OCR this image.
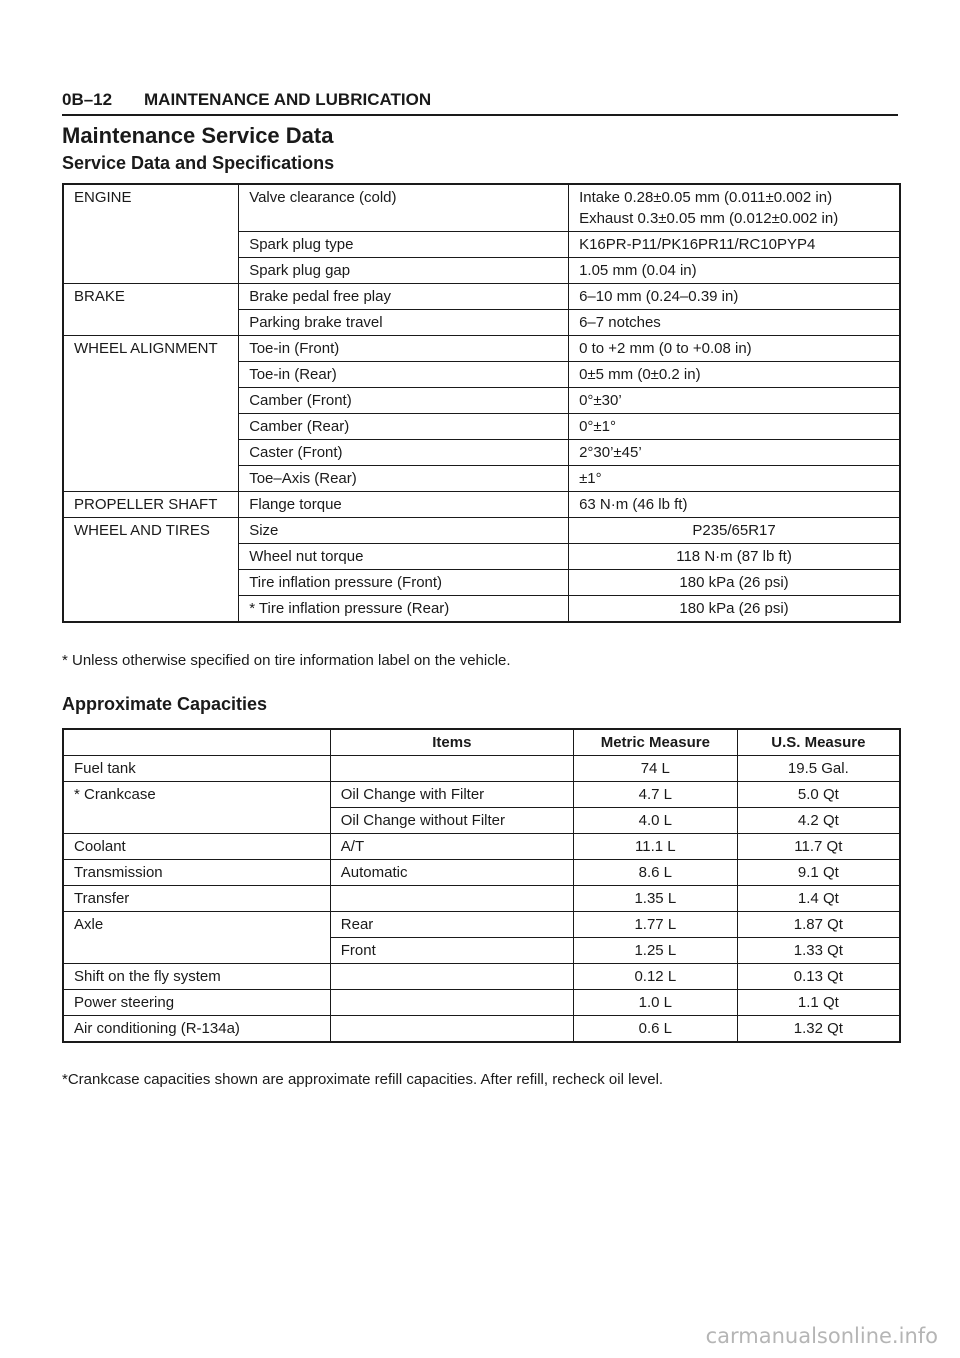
0B–12 MAINTENANCE AND LUBRICATION
Maintenance Service Data
Service Data and Specifications
ENGINE	Valve clearance (cold)	Intake 0.28±0.05 mm (0.011±0.002 in)
Exhaust 0.3±0.05 mm (0.012±0.002 in)

	Spark plug type	K16PR-P11/PK16PR11/RC10PYP4
	Spark plug gap	1.05 mm (0.04 in)
BRAKE	Brake pedal free play	6–10 mm (0.24–0.39 in)
	Parking brake travel	6–7 notches
WHEEL ALIGNMENT	Toe-in (Front)	0 to +2 mm (0 to +0.08 in)
	Toe-in (Rear)	0±5 mm (0±0.2 in)
	Camber (Front)	0°±30’
	Camber (Rear)	0°±1°
	Caster (Front)	2°30’±45’
	Toe–Axis (Rear)	±1°
PROPELLER SHAFT	Flange torque	63 N·m (46 lb ft)
WHEEL AND TIRES	Size	P235/65R17
	Wheel nut torque	118 N·m (87 lb ft)
	Tire inflation pressure (Front)	180 kPa (26 psi)
	* Tire inflation pressure (Rear)	180 kPa (26 psi)
* Unless otherwise specified on tire information label on the vehicle.
Approximate Capacities
	Items	Metric Measure	U.S. Measure
Fuel tank		74 L	19.5 Gal.
* Crankcase	Oil Change with Filter	4.7 L	5.0 Qt
	Oil Change without Filter	4.0 L	4.2 Qt
Coolant	A/T	11.1 L	11.7 Qt
Transmission	Automatic	8.6 L	9.1 Qt
Transfer		1.35 L	1.4 Qt
Axle	Rear	1.77 L	1.87 Qt
	Front	1.25 L	1.33 Qt
Shift on the fly system		0.12 L	0.13 Qt
Power steering		1.0 L	1.1 Qt
Air conditioning (R-134a)		0.6 L	1.32 Qt
*Crankcase capacities shown are approximate refill capacities. After refill, recheck oil level.
carmanualsonline.info
